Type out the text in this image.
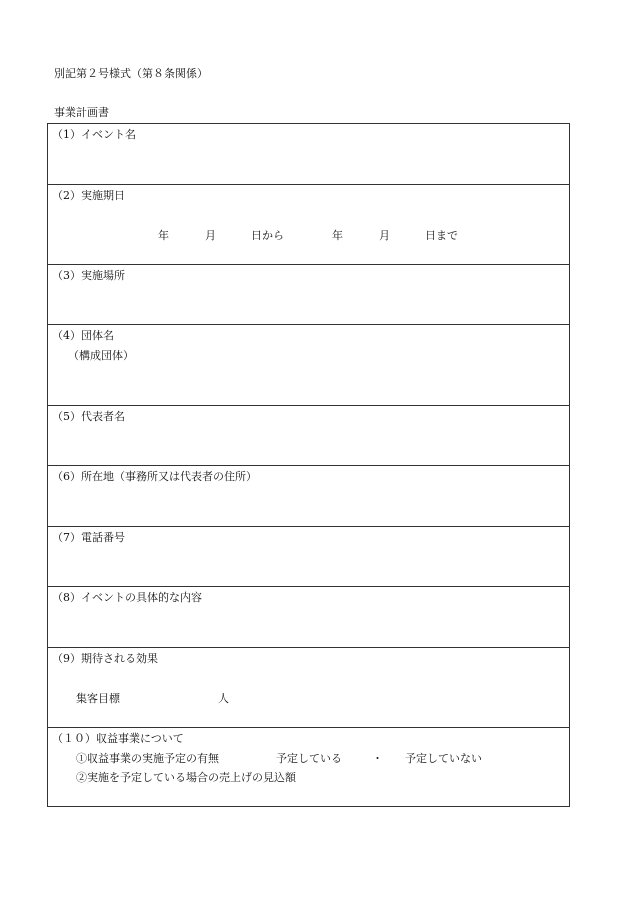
別記第２号様式（第８条関係）
事業計画書
（1）イベント名
（2）実施期日
年	月	日から	年	月	日まで
（3）実施場所
（4）団体名
（構成団体）
（5）代表者名
（6）所在地（事務所又は代表者の住所）
（7）電話番号
（8）イベントの具体的な内容
（9）期待される効果
集客目標	人
（１０）収益事業について
①収益事業の実施予定の有無	予定している	・ 予定していない
②実施を予定している場合の売上げの見込額
